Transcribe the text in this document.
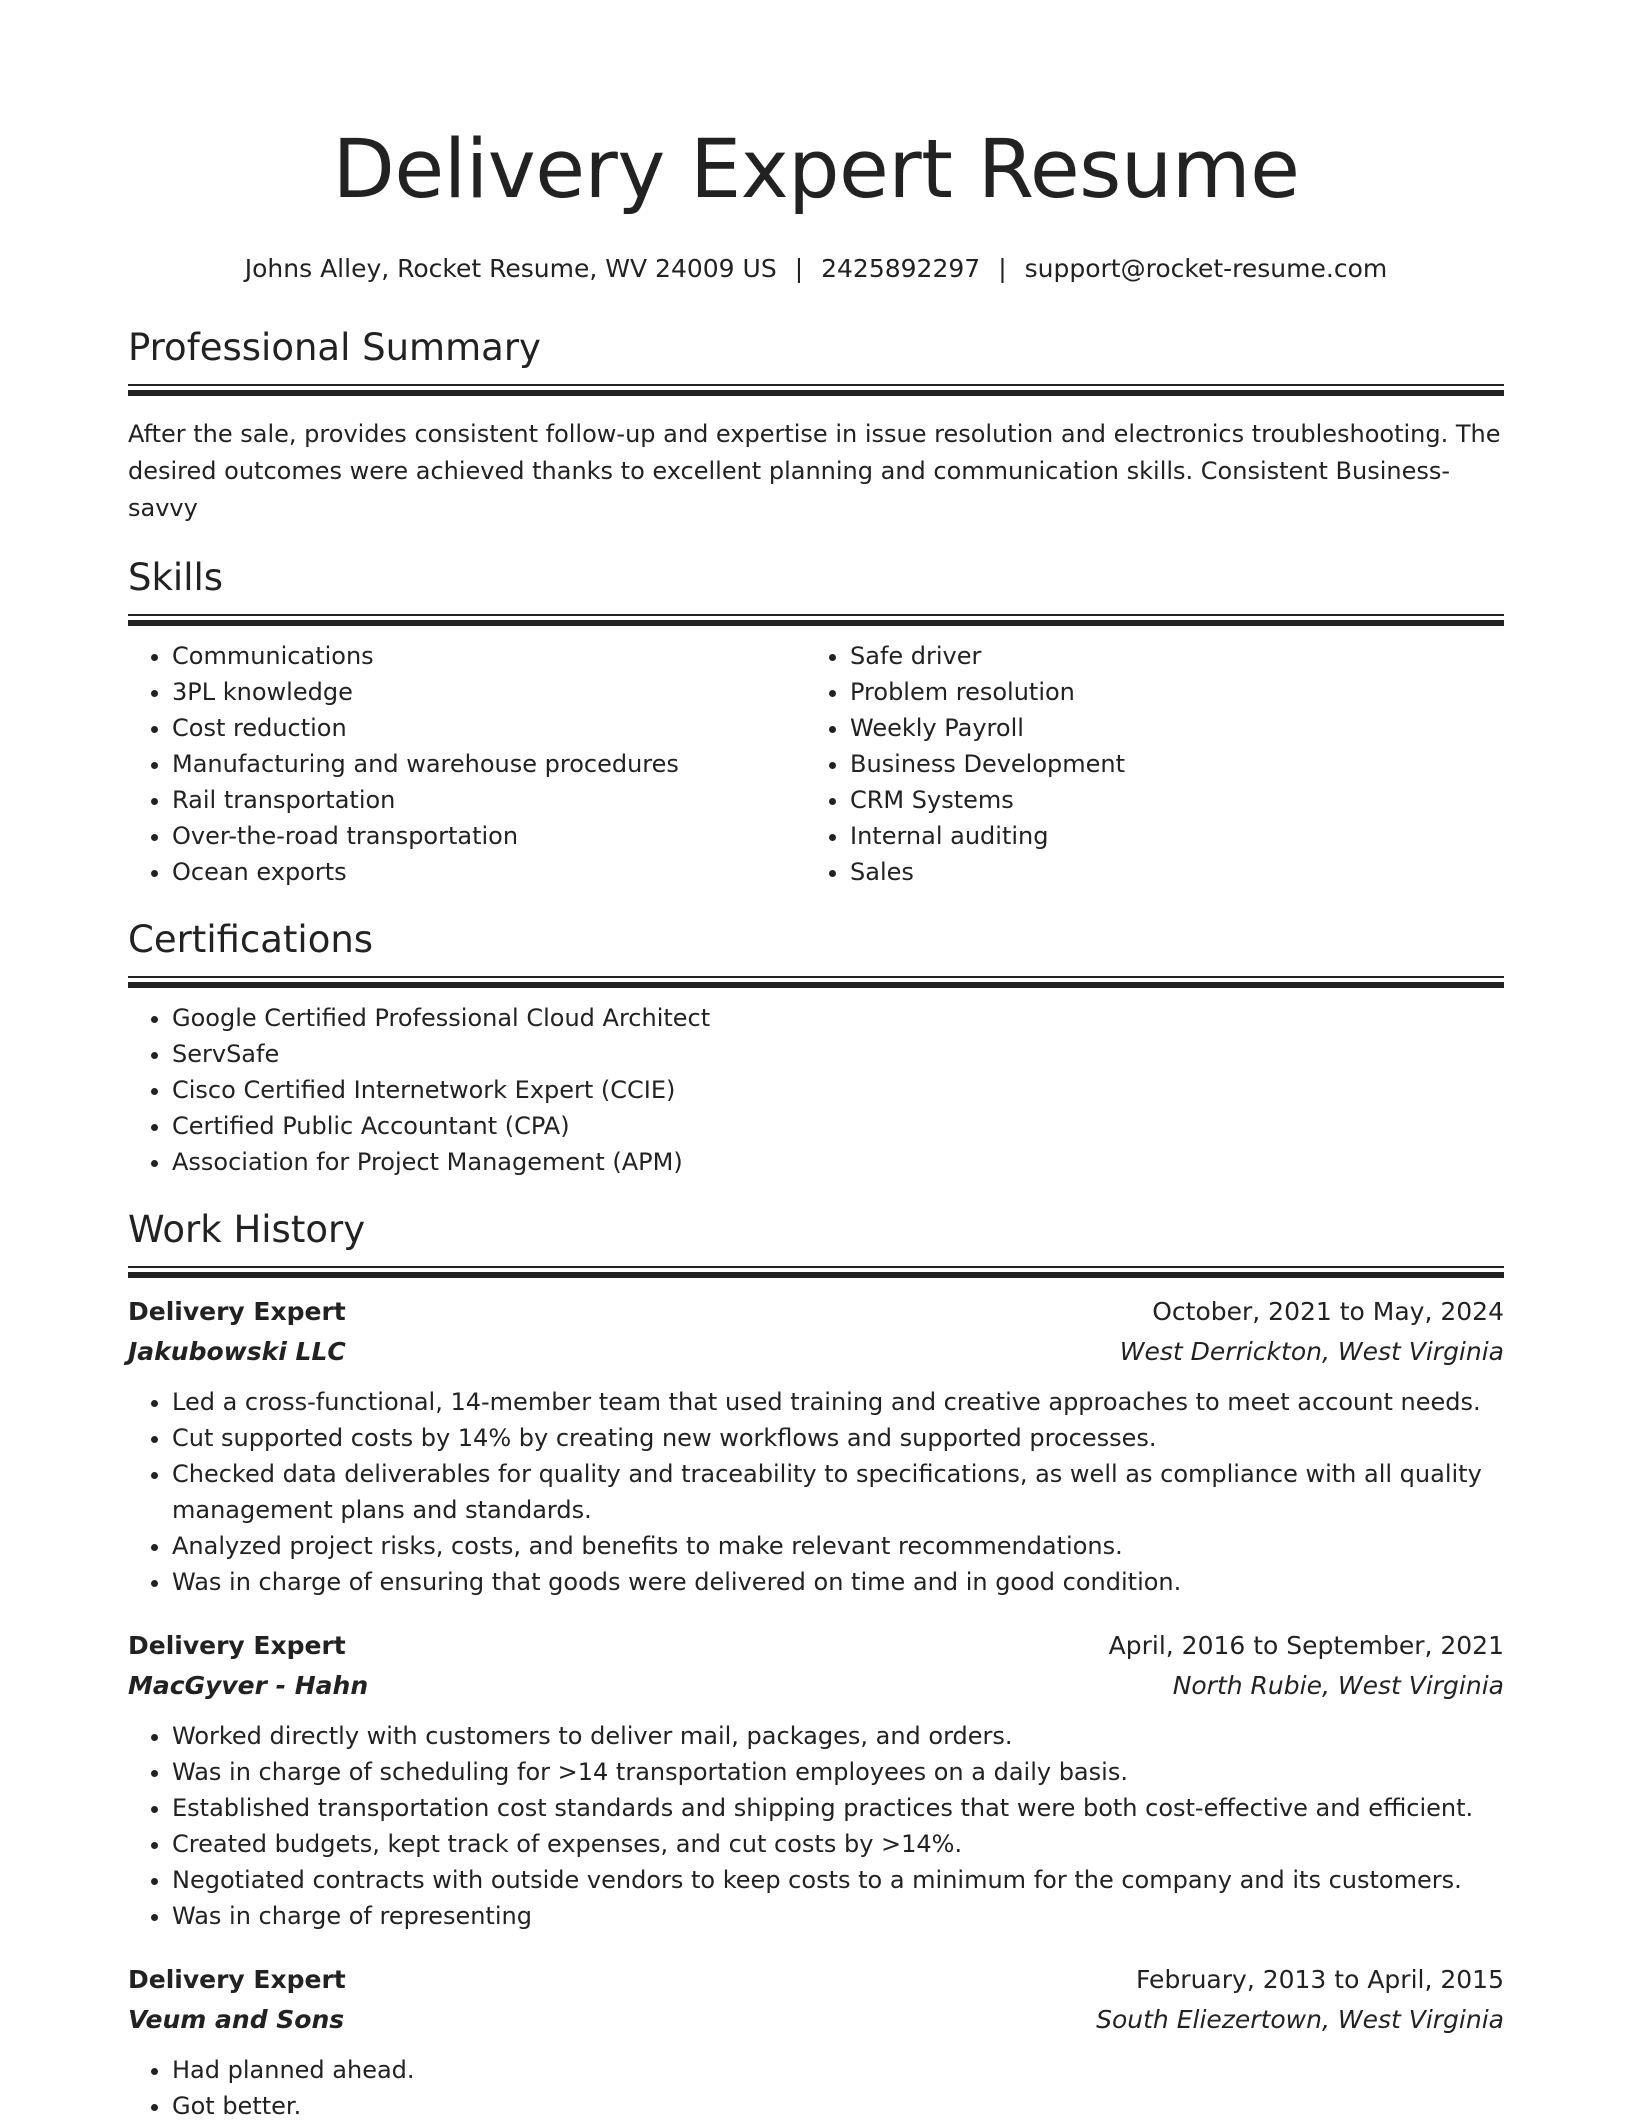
Delivery Expert Resume
Johns Alley, Rocket Resume, WV 24009 US | 2425892297 | support@rocket-resume.com
Professional Summary

After the sale, provides consistent follow-up and expertise in issue resolution and electronics troubleshooting. The desired outcomes were achieved thanks to excellent planning and communication skills. Consistent Business-savvy

Skills
• Communications
• 3PL knowledge
• Cost reduction
• Manufacturing and warehouse procedures
• Rail transportation
• Over-the-road transportation
• Ocean exports
• Safe driver
• Problem resolution
• Weekly Payroll
• Business Development
• CRM Systems
• Internal auditing
• Sales
Certifications
• Google Certified Professional Cloud Architect
• ServSafe
• Cisco Certified Internetwork Expert (CCIE)
• Certified Public Accountant (CPA)
• Association for Project Management (APM)
Work History
Delivery Expert	October, 2021 to May, 2024
Jakubowski LLC	West Derrickton, West Virginia
• Led a cross-functional, 14-member team that used training and creative approaches to meet account needs.
• Cut supported costs by 14% by creating new workflows and supported processes.
• Checked data deliverables for quality and traceability to specifications, as well as compliance with all quality management plans and standards.
• Analyzed project risks, costs, and benefits to make relevant recommendations.
• Was in charge of ensuring that goods were delivered on time and in good condition.
Delivery Expert	April, 2016 to September, 2021
MacGyver - Hahn	North Rubie, West Virginia
• Worked directly with customers to deliver mail, packages, and orders.
• Was in charge of scheduling for >14 transportation employees on a daily basis.
• Established transportation cost standards and shipping practices that were both cost-effective and efficient.
• Created budgets, kept track of expenses, and cut costs by >14%.
• Negotiated contracts with outside vendors to keep costs to a minimum for the company and its customers.
• Was in charge of representing
Delivery Expert	February, 2013 to April, 2015
Veum and Sons	South Eliezertown, West Virginia
• Had planned ahead.
• Got better.
